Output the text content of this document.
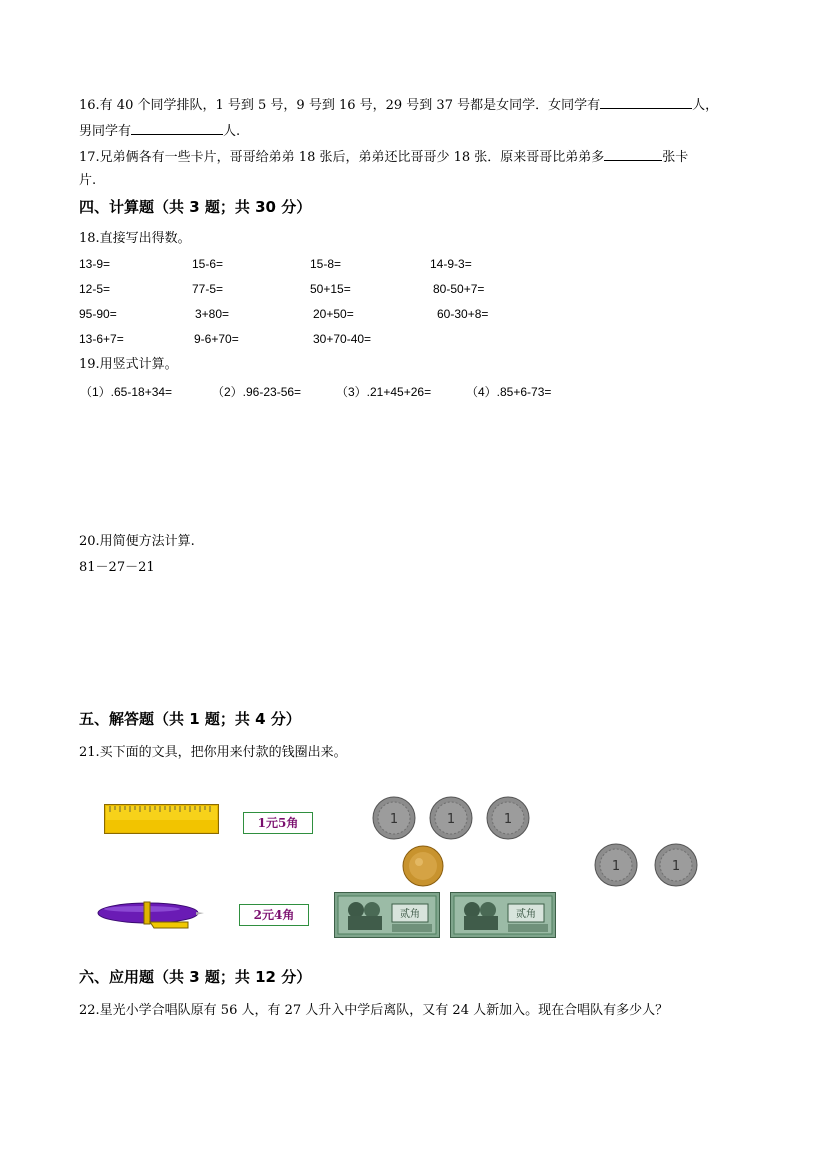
16.有 40 个同学排队，1 号到 5 号，9 号到 16 号，29 号到 37 号都是女同学．女同学有	人，
男同学有	人.
17.兄弟俩各有一些卡片，哥哥给弟弟 18 张后，弟弟还比哥哥少 18 张．原来哥哥比弟弟多	张卡
片.
四、计算题（共 3 题；共 30 分）
18.直接写出得数。
13-9=	15-6=	15-8=	14-9-3=
12-5=	77-5=	50+15=	80-50+7=
95-90=	3+80=	20+50=	60-30+8=
13-6+7=	9-6+70=	30+70-40=
19.用竖式计算。
（1）.65-18+34=	（2）.96-23-56=	（3）.21+45+26=	（4）.85+6-73=
20.用简便方法计算.
81－27－21
五、解答题（共 1 题；共 4 分）
21.买下面的文具，把你用来付款的钱圈出来。
1元5角
2元4角
1	1	1
1	1
贰角	贰角
六、应用题（共 3 题；共 12 分）
22.星光小学合唱队原有 56 人，有 27 人升入中学后离队，又有 24 人新加入。现在合唱队有多少人？
